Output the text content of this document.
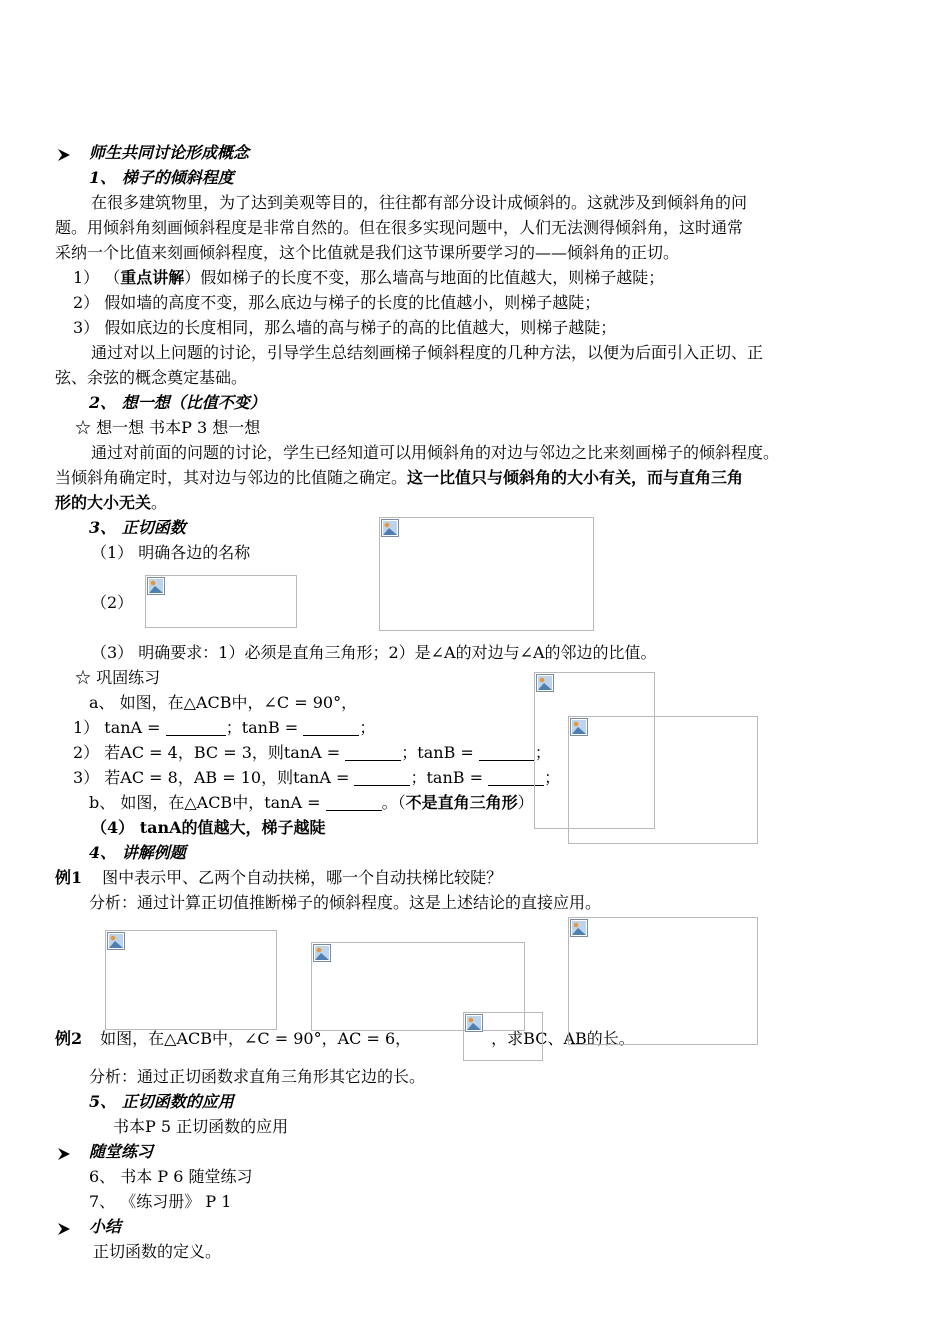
师生共同讨论形成概念
1、 梯子的倾斜程度
在很多建筑物里，为了达到美观等目的，往往都有部分设计成倾斜的。这就涉及到倾斜角的问
题。用倾斜角刻画倾斜程度是非常自然的。但在很多实现问题中，人们无法测得倾斜角，这时通常
采纳一个比值来刻画倾斜程度，这个比值就是我们这节课所要学习的——倾斜角的正切。
1） （重点讲解）假如梯子的长度不变，那么墙高与地面的比值越大，则梯子越陡；
2） 假如墙的高度不变，那么底边与梯子的长度的比值越小，则梯子越陡；
3） 假如底边的长度相同，那么墙的高与梯子的高的比值越大，则梯子越陡；
通过对以上问题的讨论，引导学生总结刻画梯子倾斜程度的几种方法，以便为后面引入正切、正
弦、余弦的概念奠定基础。
2、 想一想（比值不变）
☆ 想一想 书本P 3 想一想
通过对前面的问题的讨论，学生已经知道可以用倾斜角的对边与邻边之比来刻画梯子的倾斜程度。
当倾斜角确定时，其对边与邻边的比值随之确定。这一比值只与倾斜角的大小有关，而与直角三角
形的大小无关。
3、 正切函数
（1） 明确各边的名称
（2）
（3） 明确要求：1）必须是直角三角形；2）是∠A的对边与∠A的邻边的比值。
☆ 巩固练习
a、 如图，在△ACB中，∠C = 90°，
1） tanA =	；tanB =	；
2） 若AC = 4，BC = 3，则tanA =	；tanB =	；
3） 若AC = 8，AB = 10，则tanA =	；tanB =	；
b、 如图，在△ACB中，tanA =	。（不是直角三角形）
（4） tanA的值越大，梯子越陡
4、 讲解例题
例1 图中表示甲、乙两个自动扶梯，哪一个自动扶梯比较陡？
分析：通过计算正切值推断梯子的倾斜程度。这是上述结论的直接应用。
例2 如图，在△ACB中，∠C = 90°，AC = 6，	，求BC、AB的长。
分析：通过正切函数求直角三角形其它边的长。
5、 正切函数的应用
书本P 5 正切函数的应用
随堂练习
6、 书本 P 6 随堂练习
7、 《练习册》 P 1
小结
正切函数的定义。
